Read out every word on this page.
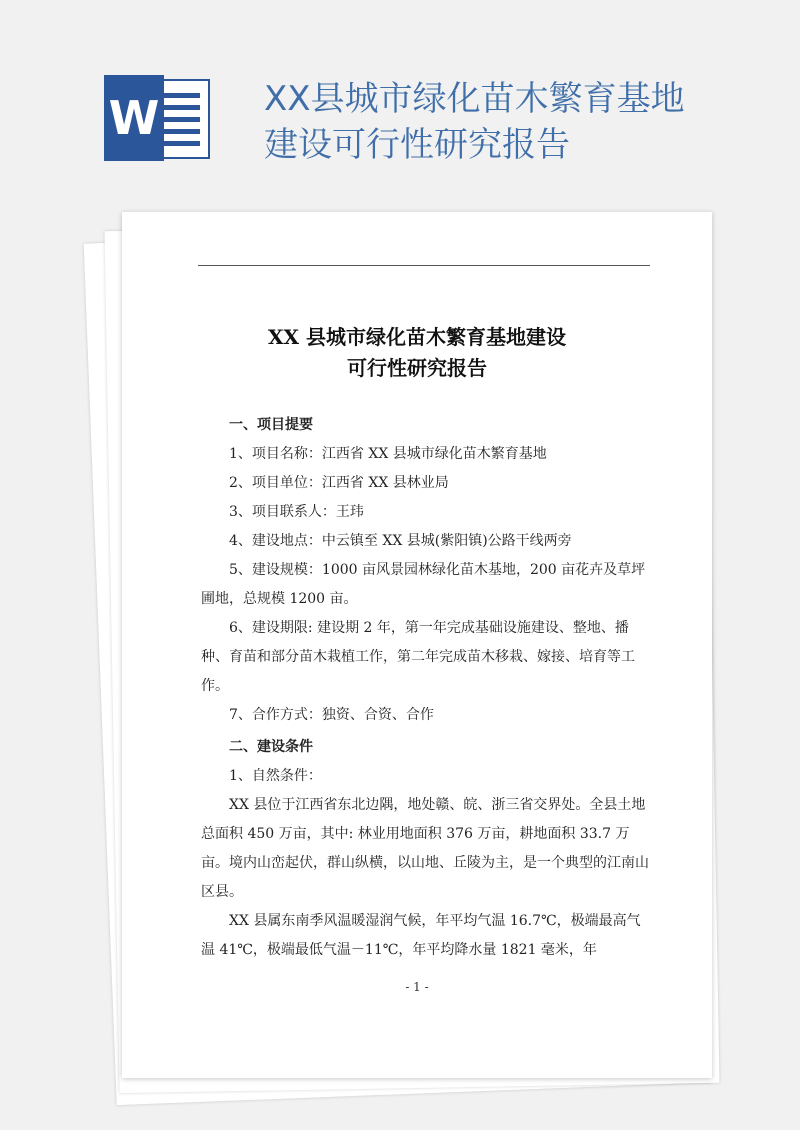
W	XX县城市绿化苗木繁育基地
建设可行性研究报告
XX 县城市绿化苗木繁育基地建设
可行性研究报告
一、项目提要
1、项目名称：江西省 XX 县城市绿化苗木繁育基地
2、项目单位：江西省 XX 县林业局
3、项目联系人：王玮
4、建设地点：中云镇至 XX 县城(紫阳镇)公路干线两旁
5、建设规模：1000 亩风景园林绿化苗木基地，200 亩花卉及草坪圃地，总规模 1200 亩。
6、建设期限: 建设期 2 年，第一年完成基础设施建设、整地、播种、育苗和部分苗木栽植工作，第二年完成苗木移栽、嫁接、培育等工作。
7、合作方式：独资、合资、合作
二、建设条件
1、自然条件：
XX 县位于江西省东北边隅，地处赣、皖、浙三省交界处。全县土地总面积 450 万亩，其中: 林业用地面积 376 万亩，耕地面积 33.7 万亩。境内山峦起伏，群山纵横，以山地、丘陵为主，是一个典型的江南山区县。
XX 县属东南季风温暖湿润气候，年平均气温 16.7℃，极端最高气温 41℃，极端最低气温－11℃，年平均降水量 1821 毫米，年
- 1 -
